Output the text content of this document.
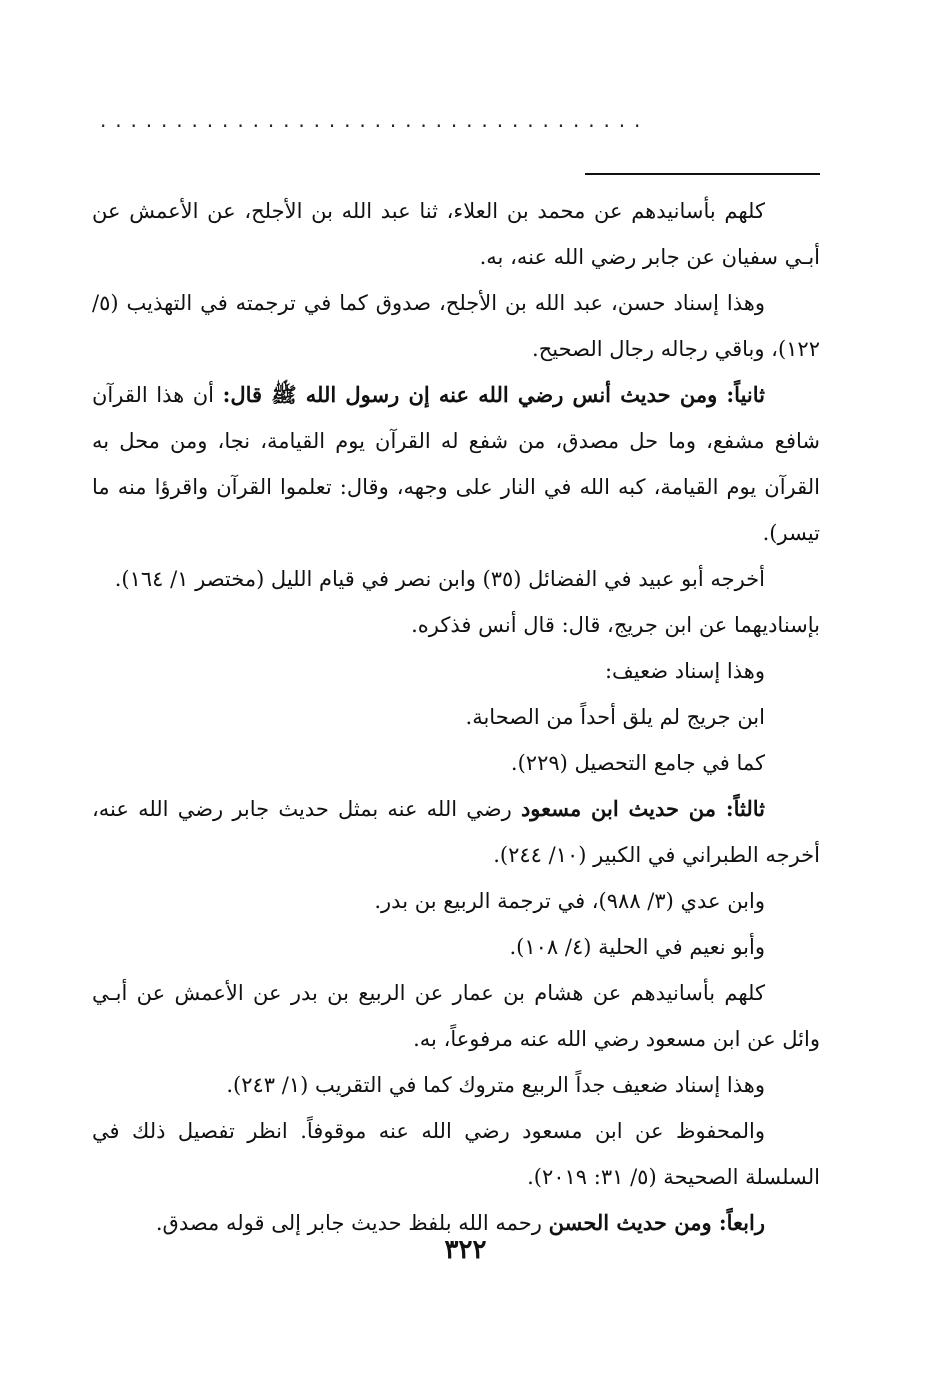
....................................

كلهم بأسانيدهم عن محمد بن العلاء، ثنا عبد الله بن الأجلح، عن الأعمش عن أبـي سفيان عن جابر رضي الله عنه، به.

وهذا إسناد حسن، عبد الله بن الأجلح، صدوق كما في ترجمته في التهذيب (٥/ ١٢٢)، وباقي رجاله رجال الصحيح.

ثانياً: ومن حديث أنس رضي الله عنه إن رسول الله ﷺ قال: أن هذا القرآن شافع مشفع، وما حل مصدق، من شفع له القرآن يوم القيامة، نجا، ومن محل به القرآن يوم القيامة، كبه الله في النار على وجهه، وقال: تعلموا القرآن واقرؤا منه ما تيسر).

أخرجه أبو عبيد في الفضائل (٣٥) وابن نصر في قيام الليل (مختصر ١/ ١٦٤).

بإسناديهما عن ابن جريج، قال: قال أنس فذكره.

وهذا إسناد ضعيف:

ابن جريج لم يلق أحداً من الصحابة.

كما في جامع التحصيل (٢٢٩).

ثالثاً: من حديث ابن مسعود رضي الله عنه بمثل حديث جابر رضي الله عنه، أخرجه الطبراني في الكبير (١٠/ ٢٤٤).

وابن عدي (٣/ ٩٨٨)، في ترجمة الربيع بن بدر.

وأبو نعيم في الحلية (٤/ ١٠٨).

كلهم بأسانيدهم عن هشام بن عمار عن الربيع بن بدر عن الأعمش عن أبـي وائل عن ابن مسعود رضي الله عنه مرفوعاً، به.

وهذا إسناد ضعيف جداً الربيع متروك كما في التقريب (١/ ٢٤٣).

والمحفوظ عن ابن مسعود رضي الله عنه موقوفاً. انظر تفصيل ذلك في السلسلة الصحيحة (٥/ ٣١: ٢٠١٩).

رابعاً: ومن حديث الحسن رحمه الله بلفظ حديث جابر إلى قوله مصدق.

٣٢٢
